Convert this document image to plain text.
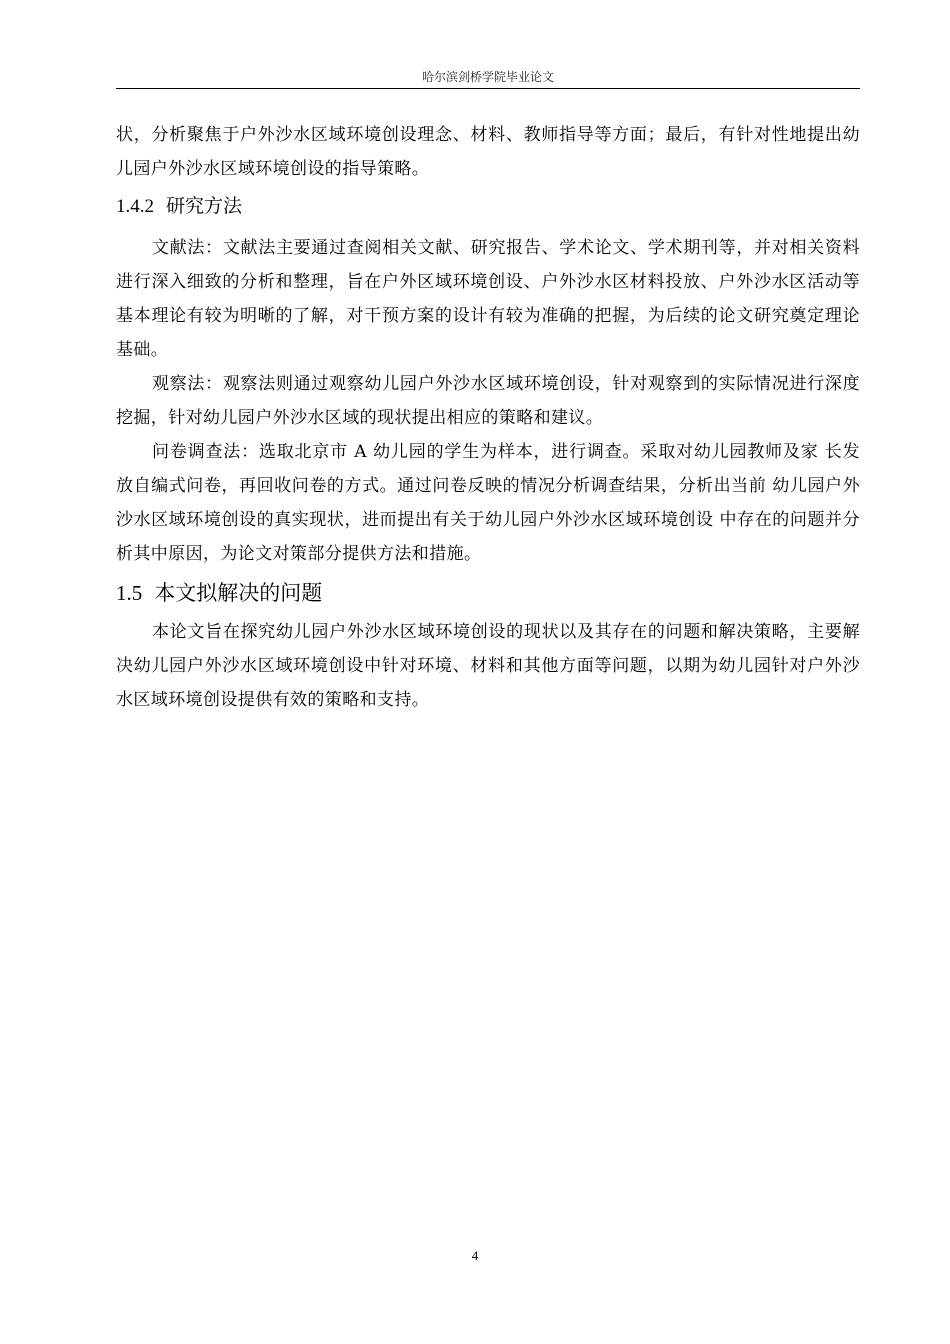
哈尔滨剑桥学院毕业论文

状，分析聚焦于户外沙水区域环境创设理念、材料、教师指导等方面；最后，有针对性地提出幼儿园户外沙水区域环境创设的指导策略。

1.4.2 研究方法

文献法：文献法主要通过查阅相关文献、研究报告、学术论文、学术期刊等，并对相关资料进行深入细致的分析和整理，旨在户外区域环境创设、户外沙水区材料投放、户外沙水区活动等基本理论有较为明晰的了解，对干预方案的设计有较为准确的把握，为后续的论文研究奠定理论基础。

观察法：观察法则通过观察幼儿园户外沙水区域环境创设，针对观察到的实际情况进行深度挖掘，针对幼儿园户外沙水区域的现状提出相应的策略和建议。

问卷调查法：选取北京市 A 幼儿园的学生为样本，进行调查。采取对幼儿园教师及家 长发放自编式问卷，再回收问卷的方式。通过问卷反映的情况分析调查结果，分析出当前 幼儿园户外沙水区域环境创设的真实现状，进而提出有关于幼儿园户外沙水区域环境创设 中存在的问题并分析其中原因，为论文对策部分提供方法和措施。

1.5 本文拟解决的问题

本论文旨在探究幼儿园户外沙水区域环境创设的现状以及其存在的问题和解决策略，主要解决幼儿园户外沙水区域环境创设中针对环境、材料和其他方面等问题，以期为幼儿园针对户外沙水区域环境创设提供有效的策略和支持。

4
